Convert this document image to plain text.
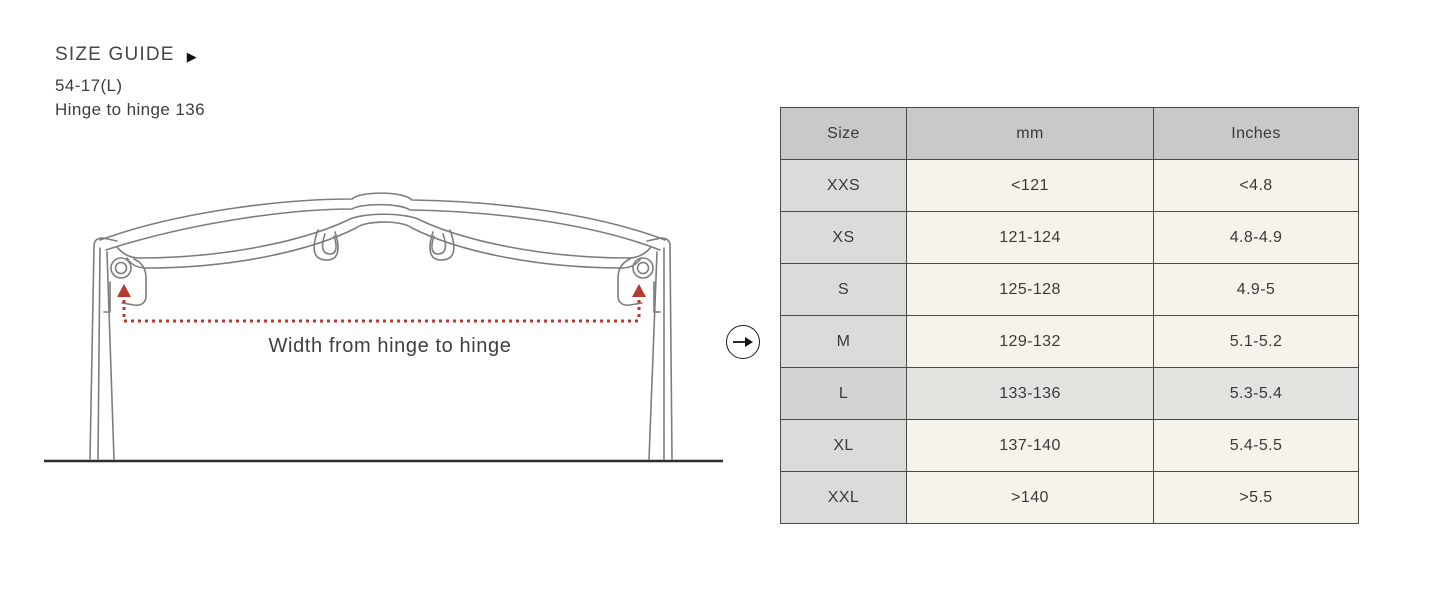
SIZE GUIDE ▶
54-17(L)
Hinge to hinge 136
Width from hinge to hinge
Size	mm	Inches
XXS	<121	<4.8
XS	121-124	4.8-4.9
S	125-128	4.9-5
M	129-132	5.1-5.2
L	133-136	5.3-5.4
XL	137-140	5.4-5.5
XXL	>140	>5.5
